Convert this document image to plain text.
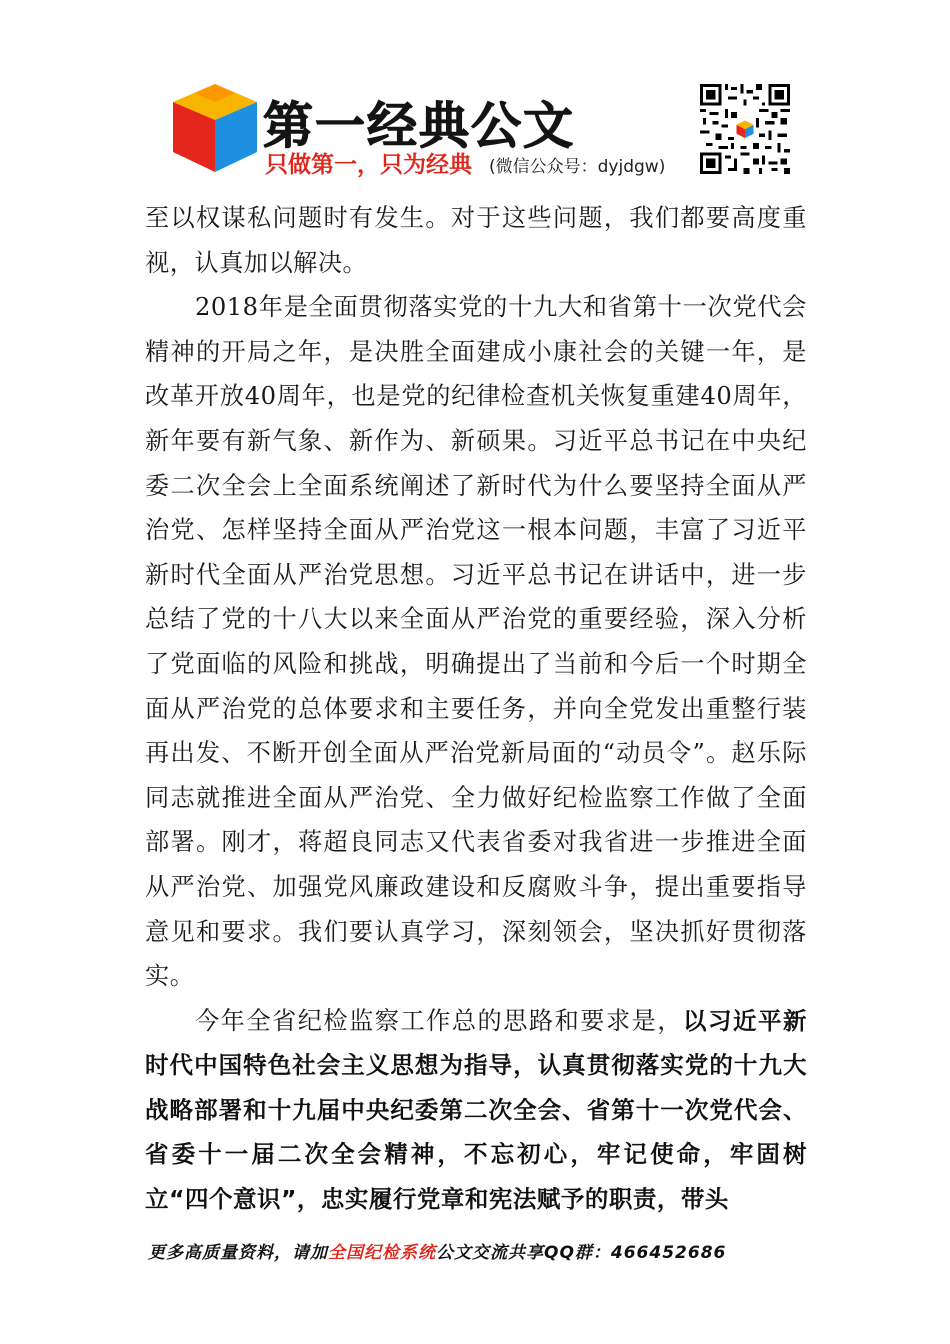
第一经典公文
只做第一，只为经典 (微信公众号：dyjdgw)

至以权谋私问题时有发生。对于这些问题，我们都要高度重视，认真加以解决。

2018年是全面贯彻落实党的十九大和省第十一次党代会精神的开局之年，是决胜全面建成小康社会的关键一年，是改革开放40周年，也是党的纪律检查机关恢复重建40周年，新年要有新气象、新作为、新硕果。习近平总书记在中央纪委二次全会上全面系统阐述了新时代为什么要坚持全面从严治党、怎样坚持全面从严治党这一根本问题，丰富了习近平新时代全面从严治党思想。习近平总书记在讲话中，进一步总结了党的十八大以来全面从严治党的重要经验，深入分析了党面临的风险和挑战，明确提出了当前和今后一个时期全面从严治党的总体要求和主要任务，并向全党发出重整行装再出发、不断开创全面从严治党新局面的“动员令”。赵乐际同志就推进全面从严治党、全力做好纪检监察工作做了全面部署。刚才，蒋超良同志又代表省委对我省进一步推进全面从严治党、加强党风廉政建设和反腐败斗争，提出重要指导意见和要求。我们要认真学习，深刻领会，坚决抓好贯彻落实。

今年全省纪检监察工作总的思路和要求是，以习近平新时代中国特色社会主义思想为指导，认真贯彻落实党的十九大战略部署和十九届中央纪委第二次全会、省第十一次党代会、省委十一届二次全会精神，不忘初心，牢记使命，牢固树立“四个意识”，忠实履行党章和宪法赋予的职责，带头

更多高质量资料，请加全国纪检系统公文交流共享QQ群：466452686
